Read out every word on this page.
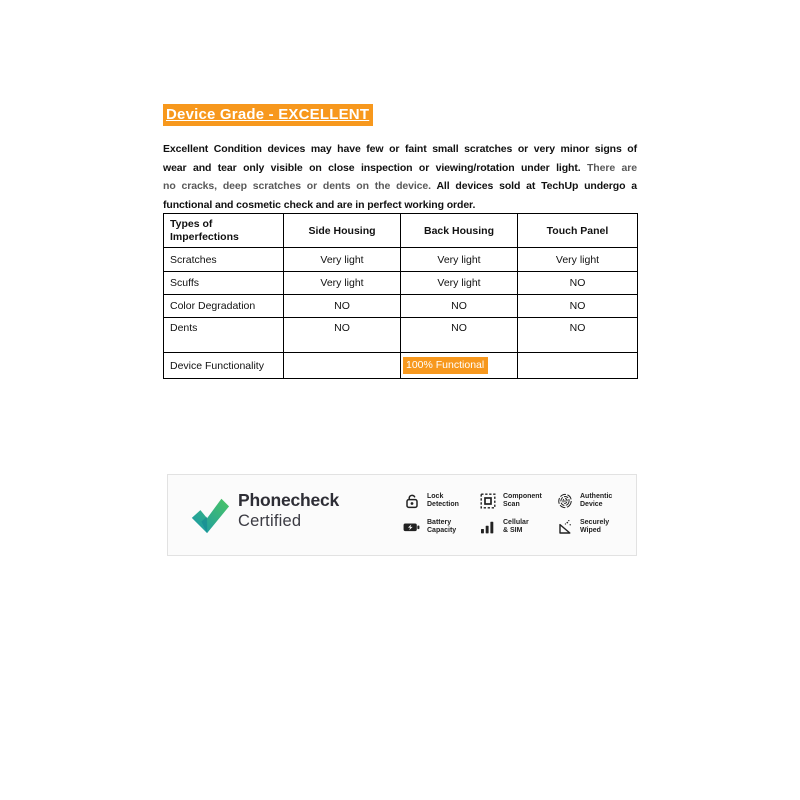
Device Grade - EXCELLENT
Excellent Condition devices may have few or faint small scratches or very minor signs of
wear and tear only visible on close inspection or viewing/rotation under light. There are
no cracks, deep scratches or dents on the device. All devices sold at TechUp undergo a
functional and cosmetic check and are in perfect working order.
Types of Imperfections	Side Housing	Back Housing	Touch Panel
Scratches	Very light	Very light	Very light
Scuffs	Very light	Very light	NO
Color Degradation	NO	NO	NO
Dents	NO	NO	NO
Device Functionality		100% Functional	
Phonecheck
Certified
Lock
Detection
Component
Scan
Authentic
Device
Battery
Capacity
Cellular
& SIM
Securely
Wiped
